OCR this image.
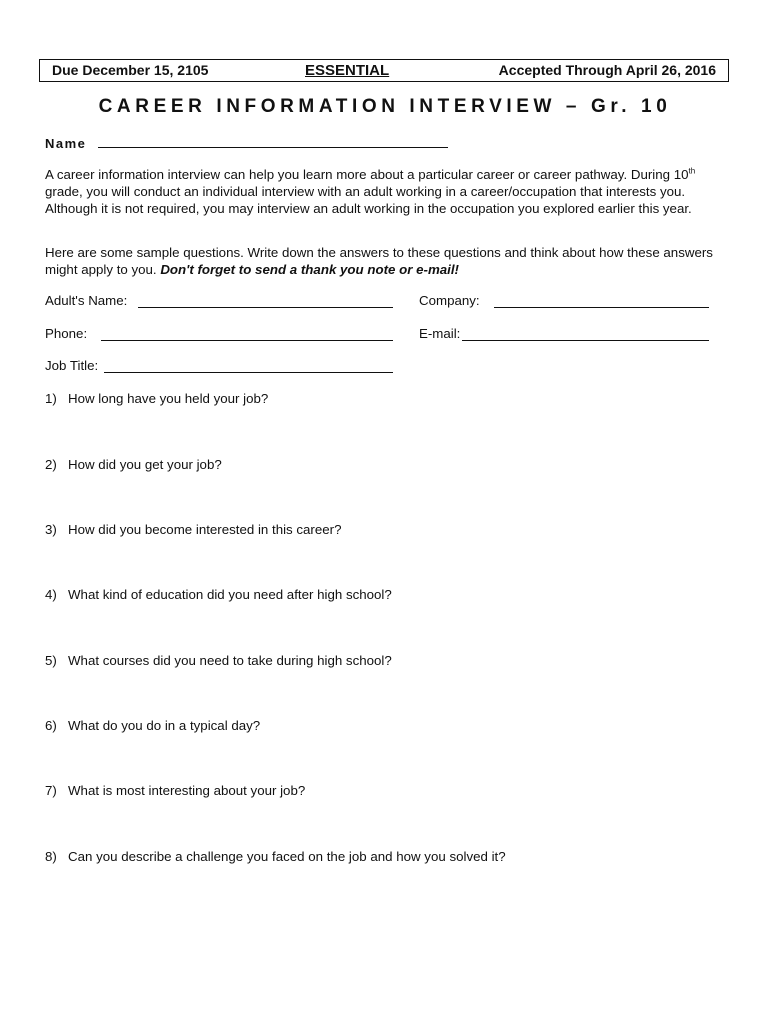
Due December 15, 2105	ESSENTIAL	Accepted Through April 26, 2016
CAREER INFORMATION INTERVIEW – Gr. 10
Name
A career information interview can help you learn more about a particular career or career pathway. During 10th grade, you will conduct an individual interview with an adult working in a career/occupation that interests you. Although it is not required, you may interview an adult working in the occupation you explored earlier this year.
Here are some sample questions. Write down the answers to these questions and think about how these answers might apply to you. Don't forget to send a thank you note or e-mail!
Adult's Name:	Company:
Phone:	E-mail:
Job Title:
1) How long have you held your job?
2) How did you get your job?
3) How did you become interested in this career?
4) What kind of education did you need after high school?
5) What courses did you need to take during high school?
6) What do you do in a typical day?
7) What is most interesting about your job?
8) Can you describe a challenge you faced on the job and how you solved it?
